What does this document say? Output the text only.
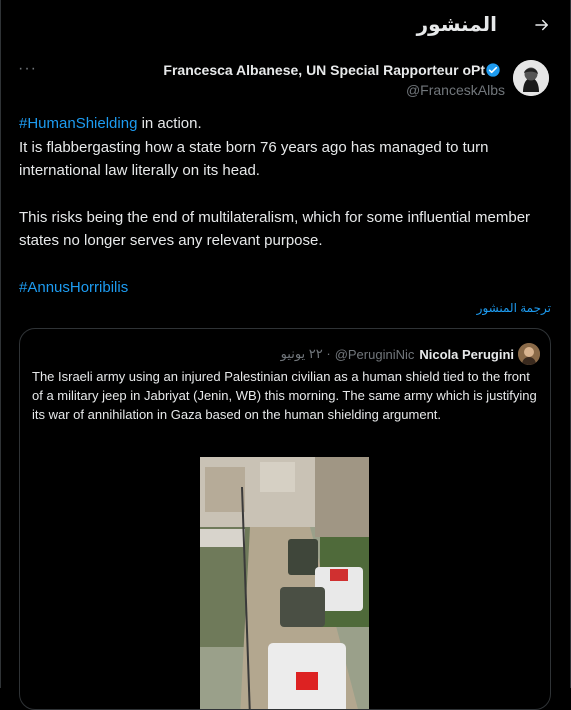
المنشور
Francesca Albanese, UN Special Rapporteur oPt
@FranceskAlbs
···

#HumanShielding in action.

It is flabbergasting how a state born 76 years ago has managed to turn international law literally on its head.

This risks being the end of multilateralism, which for some influential member states no longer serves any relevant purpose.

#AnnusHorribilis

ترجمة المنشور
· ٢٢ يونيو @PeruginiNic Nicola Perugini
The Israeli army using an injured Palestinian civilian as a human shield tied to the front of a military jeep in Jabriyat (Jenin, WB) this morning. The same army which is justifying its war of annihilation in Gaza based on the human shielding argument.
